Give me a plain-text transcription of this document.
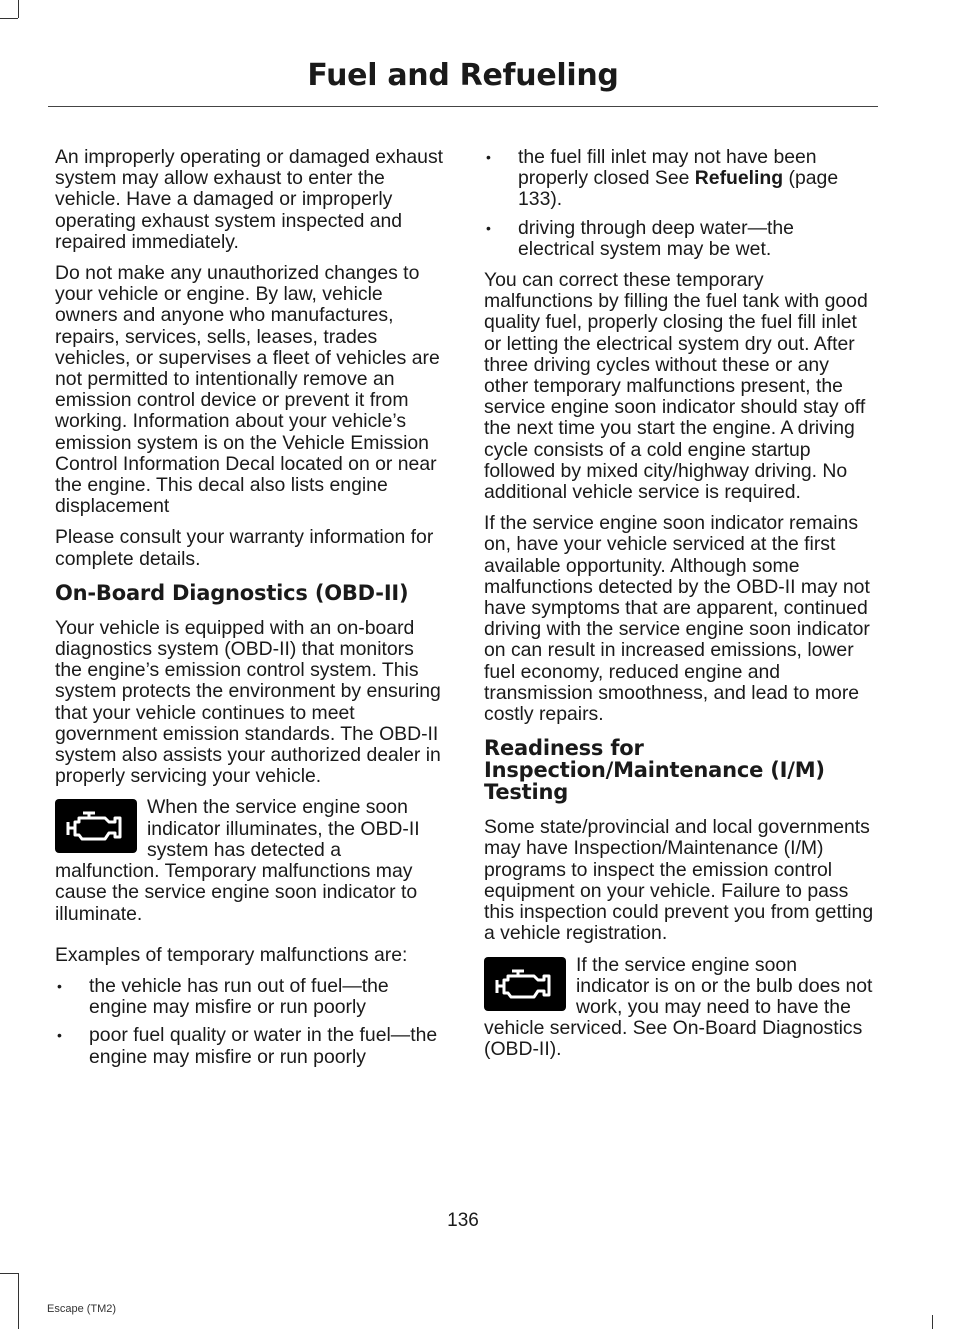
Fuel and Refueling

An improperly operating or damaged exhaust system may allow exhaust to enter the vehicle. Have a damaged or improperly operating exhaust system inspected and repaired immediately.

Do not make any unauthorized changes to your vehicle or engine. By law, vehicle owners and anyone who manufactures, repairs, services, sells, leases, trades vehicles, or supervises a fleet of vehicles are not permitted to intentionally remove an emission control device or prevent it from working. Information about your vehicle’s emission system is on the Vehicle Emission Control Information Decal located on or near the engine. This decal also lists engine displacement

Please consult your warranty information for complete details.

On-Board Diagnostics (OBD-II)

Your vehicle is equipped with an on-board diagnostics system (OBD-II) that monitors the engine’s emission control system. This system protects the environment by ensuring that your vehicle continues to meet government emission standards. The OBD-II system also assists your authorized dealer in properly servicing your vehicle.

When the service engine soon indicator illuminates, the OBD-II system has detected a malfunction. Temporary malfunctions may cause the service engine soon indicator to illuminate.

Examples of temporary malfunctions are:

• the vehicle has run out of fuel—the engine may misfire or run poorly
• poor fuel quality or water in the fuel—the engine may misfire or run poorly
• the fuel fill inlet may not have been properly closed See Refueling (page 133).
• driving through deep water—the electrical system may be wet.

You can correct these temporary malfunctions by filling the fuel tank with good quality fuel, properly closing the fuel fill inlet or letting the electrical system dry out. After three driving cycles without these or any other temporary malfunctions present, the service engine soon indicator should stay off the next time you start the engine. A driving cycle consists of a cold engine startup followed by mixed city/highway driving. No additional vehicle service is required.

If the service engine soon indicator remains on, have your vehicle serviced at the first available opportunity. Although some malfunctions detected by the OBD-II may not have symptoms that are apparent, continued driving with the service engine soon indicator on can result in increased emissions, lower fuel economy, reduced engine and transmission smoothness, and lead to more costly repairs.

Readiness for Inspection/Maintenance (I/M) Testing

Some state/provincial and local governments may have Inspection/Maintenance (I/M) programs to inspect the emission control equipment on your vehicle. Failure to pass this inspection could prevent you from getting a vehicle registration.

If the service engine soon indicator is on or the bulb does not work, you may need to have the vehicle serviced. See On-Board Diagnostics (OBD-II).
136
Escape (TM2)
